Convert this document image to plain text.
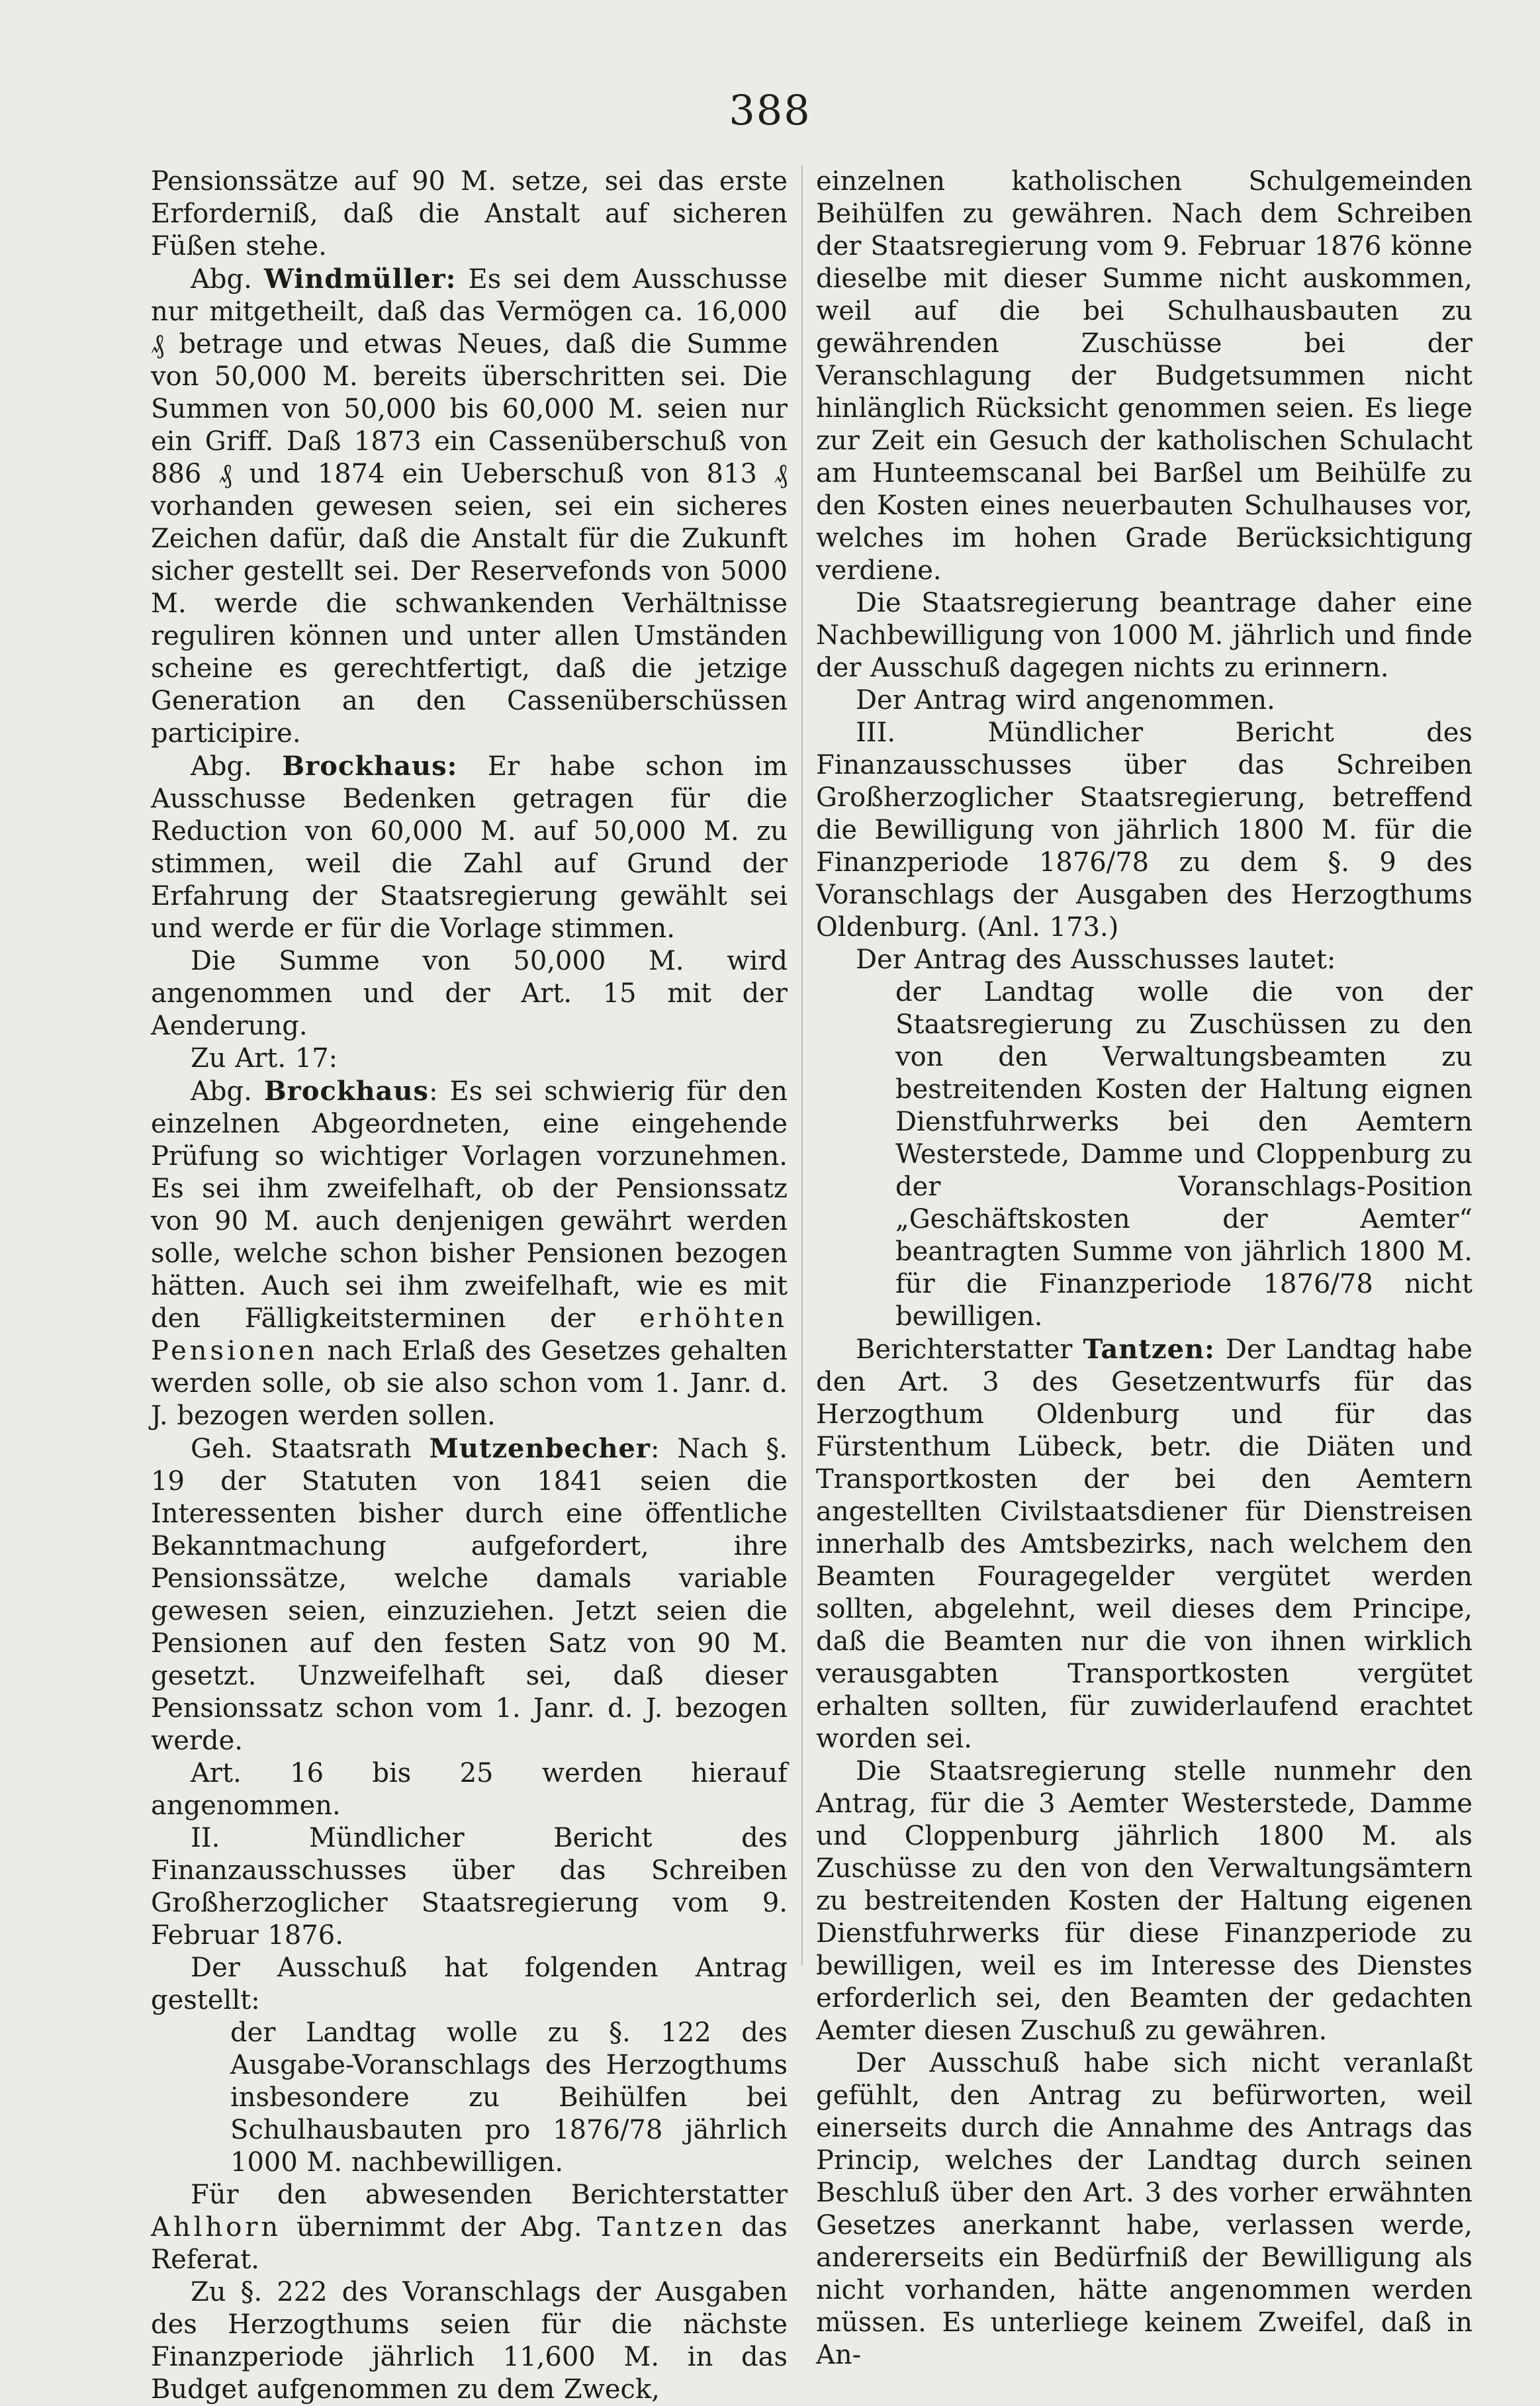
388

Pensionssätze auf 90 M. setze, sei das erste Erforderniß, daß die Anstalt auf sicheren Füßen stehe.

Abg. Windmüller: Es sei dem Ausschusse nur mitgetheilt, daß das Vermögen ca. 16,000 ₰ betrage und etwas Neues, daß die Summe von 50,000 M. bereits überschritten sei. Die Summen von 50,000 bis 60,000 M. seien nur ein Griff. Daß 1873 ein Cassenüberschuß von 886 ₰ und 1874 ein Ueberschuß von 813 ₰ vorhanden gewesen seien, sei ein sicheres Zeichen dafür, daß die Anstalt für die Zukunft sicher gestellt sei. Der Reservefonds von 5000 M. werde die schwankenden Verhältnisse reguliren können und unter allen Umständen scheine es gerechtfertigt, daß die jetzige Generation an den Cassenüberschüssen participire.

Abg. Brockhaus: Er habe schon im Ausschusse Bedenken getragen für die Reduction von 60,000 M. auf 50,000 M. zu stimmen, weil die Zahl auf Grund der Erfahrung der Staatsregierung gewählt sei und werde er für die Vorlage stimmen.

Die Summe von 50,000 M. wird angenommen und der Art. 15 mit der Aenderung.

Zu Art. 17:

Abg. Brockhaus: Es sei schwierig für den einzelnen Abgeordneten, eine eingehende Prüfung so wichtiger Vorlagen vorzunehmen. Es sei ihm zweifelhaft, ob der Pensionssatz von 90 M. auch denjenigen gewährt werden solle, welche schon bisher Pensionen bezogen hätten. Auch sei ihm zweifelhaft, wie es mit den Fälligkeitsterminen der erhöhten Pensionen nach Erlaß des Gesetzes gehalten werden solle, ob sie also schon vom 1. Janr. d. J. bezogen werden sollen.

Geh. Staatsrath Mutzenbecher: Nach §. 19 der Statuten von 1841 seien die Interessenten bisher durch eine öffentliche Bekanntmachung aufgefordert, ihre Pensionssätze, welche damals variable gewesen seien, einzuziehen. Jetzt seien die Pensionen auf den festen Satz von 90 M. gesetzt. Unzweifelhaft sei, daß dieser Pensionssatz schon vom 1. Janr. d. J. bezogen werde.

Art. 16 bis 25 werden hierauf angenommen.

II. Mündlicher Bericht des Finanzausschusses über das Schreiben Großherzoglicher Staatsregierung vom 9. Februar 1876.

Der Ausschuß hat folgenden Antrag gestellt:

der Landtag wolle zu §. 122 des Ausgabe-Voranschlags des Herzogthums insbesondere zu Beihülfen bei Schulhausbauten pro 1876/78 jährlich 1000 M. nachbewilligen.

Für den abwesenden Berichterstatter Ahlhorn übernimmt der Abg. Tantzen das Referat.

Zu §. 222 des Voranschlags der Ausgaben des Herzogthums seien für die nächste Finanzperiode jährlich 11,600 M. in das Budget aufgenommen zu dem Zweck,

einzelnen katholischen Schulgemeinden Beihülfen zu gewähren. Nach dem Schreiben der Staatsregierung vom 9. Februar 1876 könne dieselbe mit dieser Summe nicht auskommen, weil auf die bei Schulhausbauten zu gewährenden Zuschüsse bei der Veranschlagung der Budgetsummen nicht hinlänglich Rücksicht genommen seien. Es liege zur Zeit ein Gesuch der katholischen Schulacht am Hunteemscanal bei Barßel um Beihülfe zu den Kosten eines neuerbauten Schulhauses vor, welches im hohen Grade Berücksichtigung verdiene.

Die Staatsregierung beantrage daher eine Nachbewilligung von 1000 M. jährlich und finde der Ausschuß dagegen nichts zu erinnern.

Der Antrag wird angenommen.

III. Mündlicher Bericht des Finanzausschusses über das Schreiben Großherzoglicher Staatsregierung, betreffend die Bewilligung von jährlich 1800 M. für die Finanzperiode 1876/78 zu dem §. 9 des Voranschlags der Ausgaben des Herzogthums Oldenburg. (Anl. 173.)

Der Antrag des Ausschusses lautet:

der Landtag wolle die von der Staatsregierung zu Zuschüssen zu den von den Verwaltungsbeamten zu bestreitenden Kosten der Haltung eignen Dienstfuhrwerks bei den Aemtern Westerstede, Damme und Cloppenburg zu der Voranschlags-Position „Geschäftskosten der Aemter“ beantragten Summe von jährlich 1800 M. für die Finanzperiode 1876/78 nicht bewilligen.

Berichterstatter Tantzen: Der Landtag habe den Art. 3 des Gesetzentwurfs für das Herzogthum Oldenburg und für das Fürstenthum Lübeck, betr. die Diäten und Transportkosten der bei den Aemtern angestellten Civilstaatsdiener für Dienstreisen innerhalb des Amtsbezirks, nach welchem den Beamten Fouragegelder vergütet werden sollten, abgelehnt, weil dieses dem Principe, daß die Beamten nur die von ihnen wirklich verausgabten Transportkosten vergütet erhalten sollten, für zuwiderlaufend erachtet worden sei.

Die Staatsregierung stelle nunmehr den Antrag, für die 3 Aemter Westerstede, Damme und Cloppenburg jährlich 1800 M. als Zuschüsse zu den von den Verwaltungsämtern zu bestreitenden Kosten der Haltung eigenen Dienstfuhrwerks für diese Finanzperiode zu bewilligen, weil es im Interesse des Dienstes erforderlich sei, den Beamten der gedachten Aemter diesen Zuschuß zu gewähren.

Der Ausschuß habe sich nicht veranlaßt gefühlt, den Antrag zu befürworten, weil einerseits durch die Annahme des Antrags das Princip, welches der Landtag durch seinen Beschluß über den Art. 3 des vorher erwähnten Gesetzes anerkannt habe, verlassen werde, andererseits ein Bedürfniß der Bewilligung als nicht vorhanden, hätte angenommen werden müssen. Es unterliege keinem Zweifel, daß in An-
